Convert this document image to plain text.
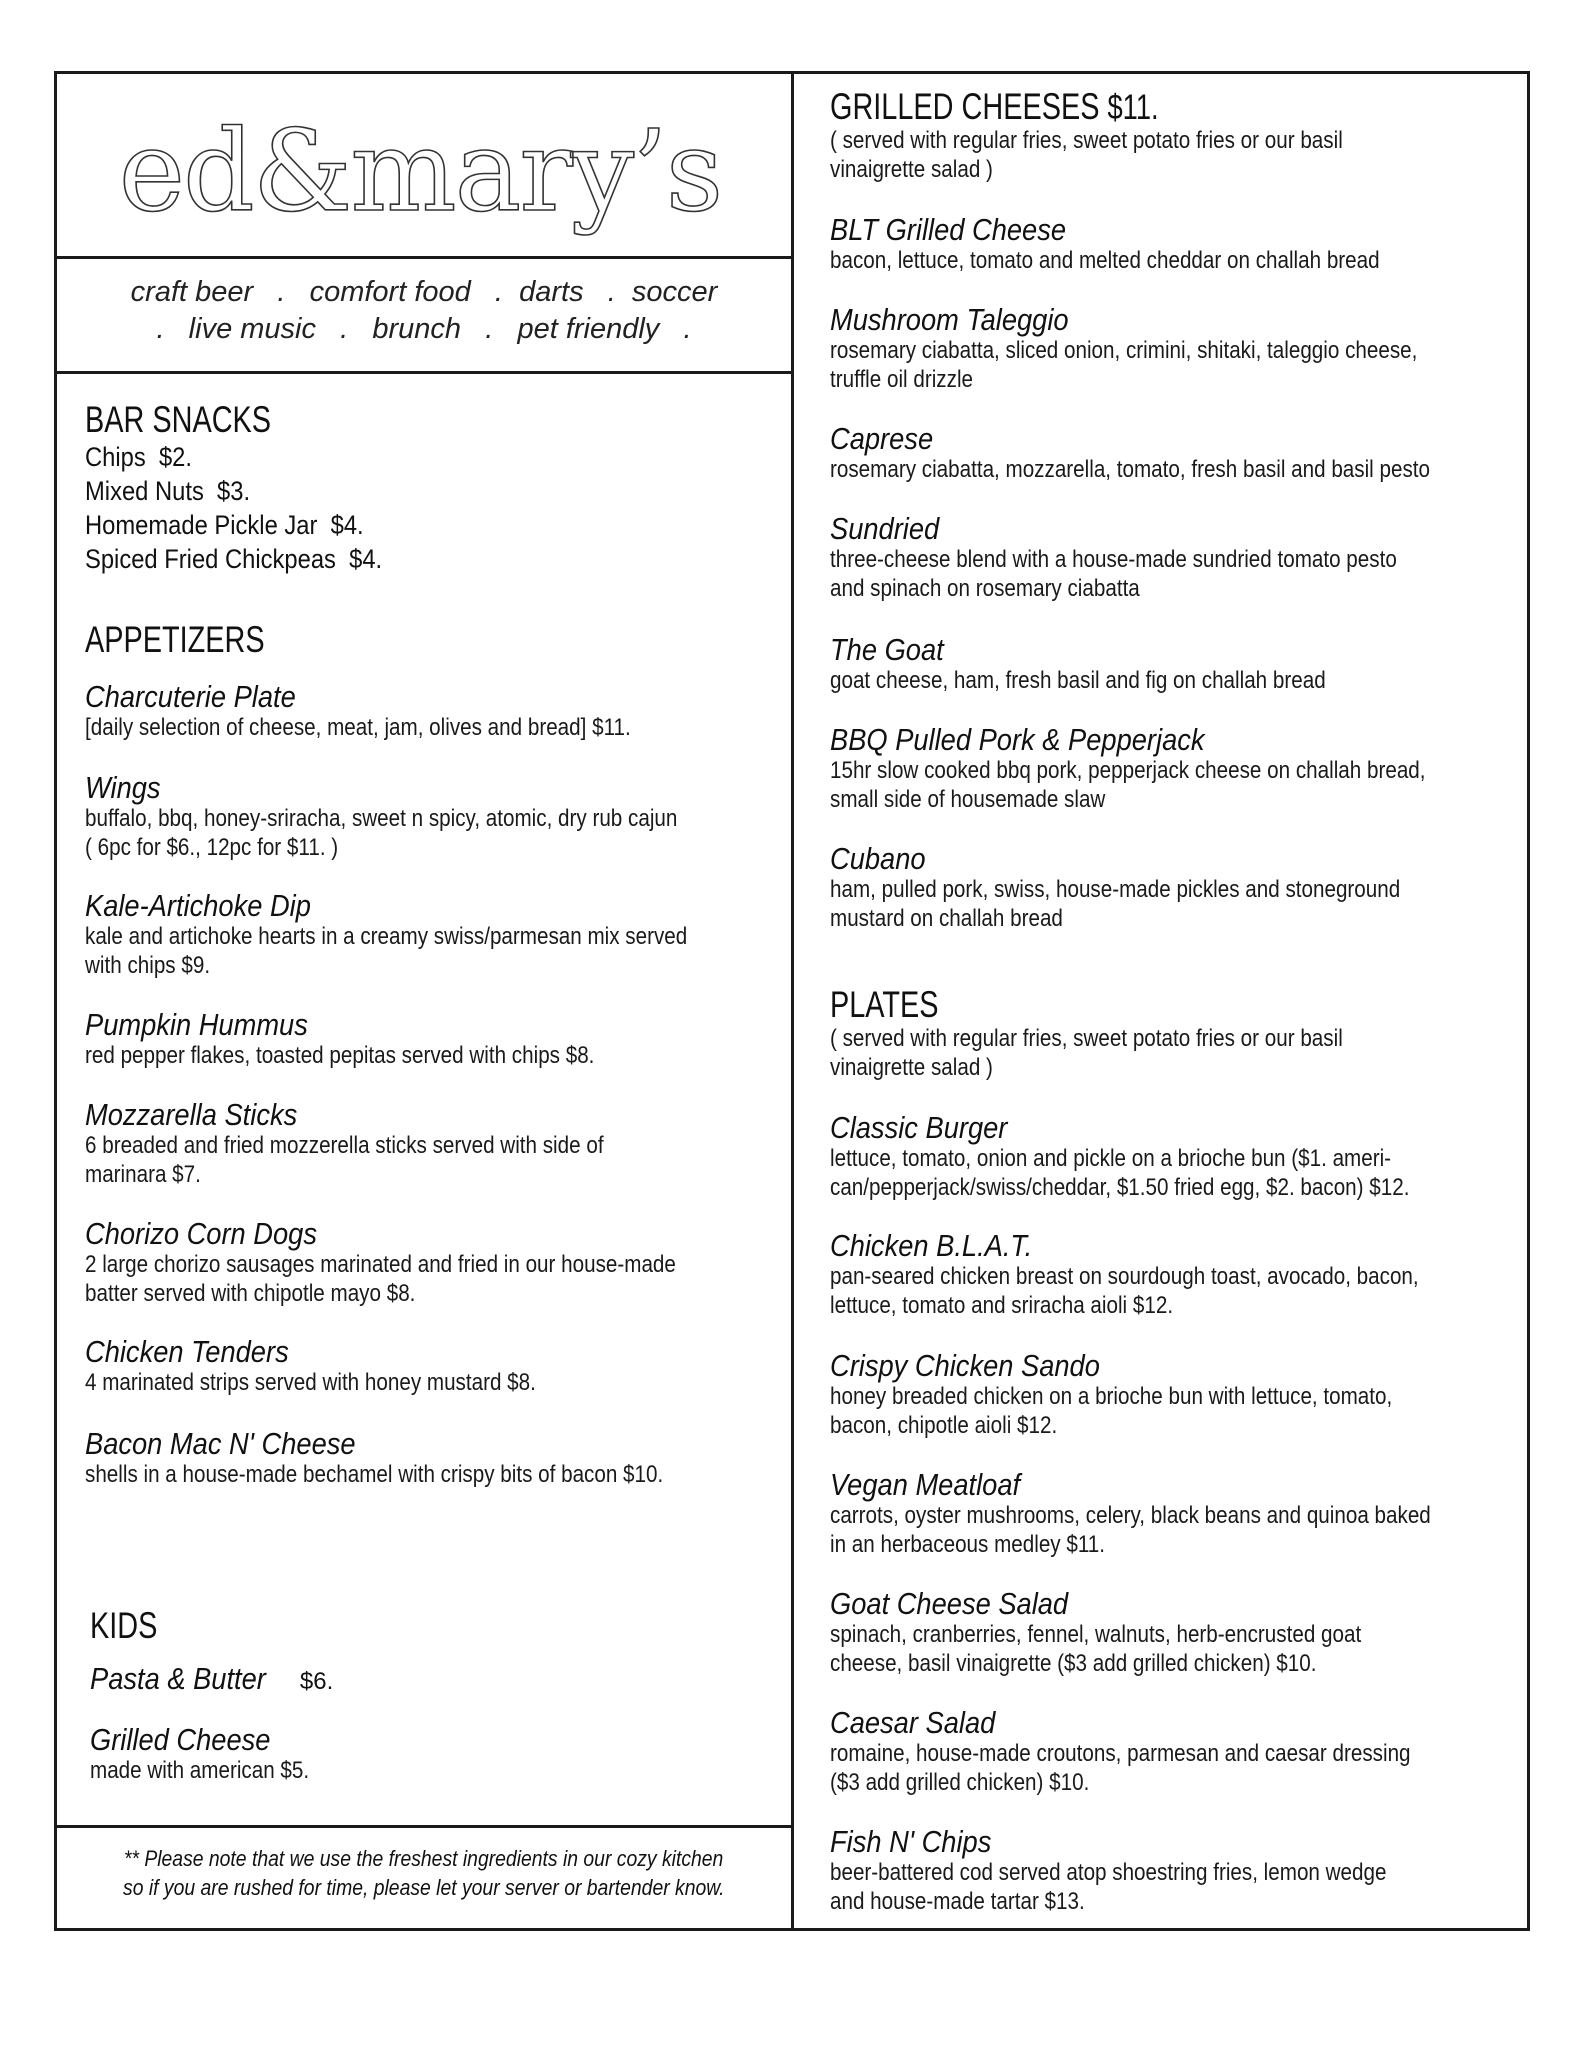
ed&mary’s
craft beer   .   comfort food   .  darts   .  soccer
.   live music   .   brunch   .   pet friendly   .
BAR SNACKS
Chips  $2.
Mixed Nuts  $3.
Homemade Pickle Jar  $4.
Spiced Fried Chickpeas  $4.
APPETIZERS
Charcuterie Plate
[daily selection of cheese, meat, jam, olives and bread] $11.
Wings
buffalo, bbq, honey-sriracha, sweet n spicy, atomic, dry rub cajun
( 6pc for $6., 12pc for $11. )
Kale-Artichoke Dip
kale and artichoke hearts in a creamy swiss/parmesan mix served
with chips $9.
Pumpkin Hummus
red pepper flakes, toasted pepitas served with chips $8.
Mozzarella Sticks
6 breaded and fried mozzerella sticks served with side of
marinara $7.
Chorizo Corn Dogs
2 large chorizo sausages marinated and fried in our house-made
batter served with chipotle mayo $8.
Chicken Tenders
4 marinated strips served with honey mustard $8.
Bacon Mac N' Cheese
shells in a house-made bechamel with crispy bits of bacon $10.
KIDS
Pasta & Butter $6.
Grilled Cheese
made with american $5.
GRILLED CHEESES $11.
( served with regular fries, sweet potato fries or our basil
vinaigrette salad )
BLT Grilled Cheese
bacon, lettuce, tomato and melted cheddar on challah bread
Mushroom Taleggio
rosemary ciabatta, sliced onion, crimini, shitaki, taleggio cheese,
truffle oil drizzle
Caprese
rosemary ciabatta, mozzarella, tomato, fresh basil and basil pesto
Sundried
three-cheese blend with a house-made sundried tomato pesto
and spinach on rosemary ciabatta
The Goat
goat cheese, ham, fresh basil and fig on challah bread
BBQ Pulled Pork & Pepperjack
15hr slow cooked bbq pork, pepperjack cheese on challah bread,
small side of housemade slaw
Cubano
ham, pulled pork, swiss, house-made pickles and stoneground
mustard on challah bread
PLATES
( served with regular fries, sweet potato fries or our basil
vinaigrette salad )
Classic Burger
lettuce, tomato, onion and pickle on a brioche bun ($1. ameri-
can/pepperjack/swiss/cheddar, $1.50 fried egg, $2. bacon) $12.
Chicken B.L.A.T.
pan-seared chicken breast on sourdough toast, avocado, bacon,
lettuce, tomato and sriracha aioli $12.
Crispy Chicken Sando
honey breaded chicken on a brioche bun with lettuce, tomato,
bacon, chipotle aioli $12.
Vegan Meatloaf
carrots, oyster mushrooms, celery, black beans and quinoa baked
in an herbaceous medley $11.
Goat Cheese Salad
spinach, cranberries, fennel, walnuts, herb-encrusted goat
cheese, basil vinaigrette ($3 add grilled chicken) $10.
Caesar Salad
romaine, house-made croutons, parmesan and caesar dressing
($3 add grilled chicken) $10.
Fish N' Chips
beer-battered cod served atop shoestring fries, lemon wedge
and house-made tartar $13.
** Please note that we use the freshest ingredients in our cozy kitchen
so if you are rushed for time, please let your server or bartender know.
